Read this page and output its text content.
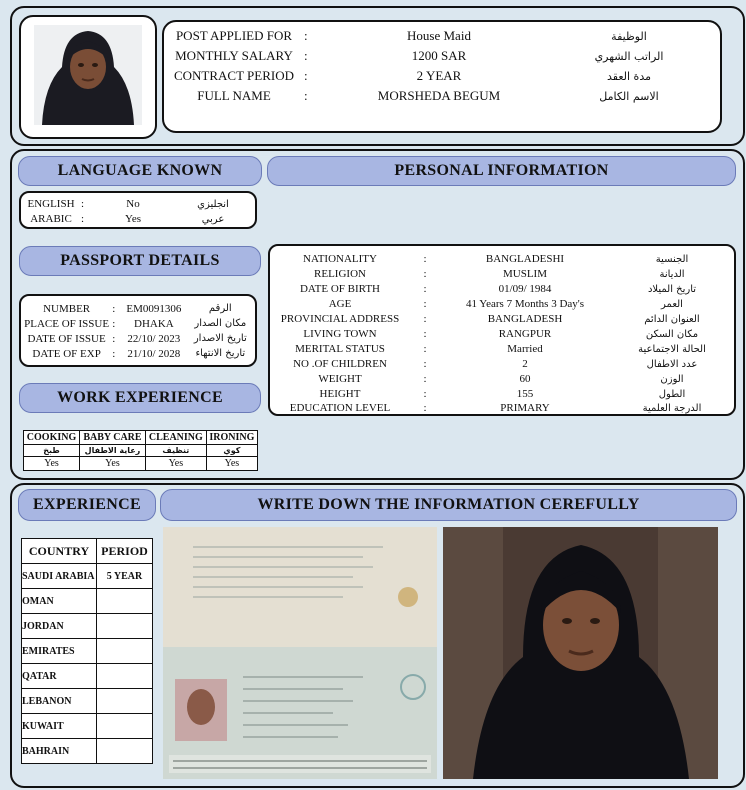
POST APPLIED FOR :	House Maid	الوظيفة
MONTHLY SALARY :	1200 SAR	الراتب الشهري
CONTRACT PERIOD :	2 YEAR	مدة العقد
FULL NAME	:	MORSHEDA BEGUM	الاسم الكامل
LANGUAGE KNOWN	PERSONAL INFORMATION
ENGLISH :	No	انجليزي
ARABIC :	Yes	عربي
PASSPORT DETAILS
NUMBER	:	EM0091306	الرقم
PLACE OF ISSUE :	DHAKA	مكان الصدار
DATE OF ISSUE :	22/10/ 2023	تاريخ الاصدار
DATE OF EXP	:	21/10/ 2028	تاريخ الانتهاء
WORK EXPERIENCE
COOKING	BABY CARE	CLEANING	IRONING
طبخ	رعاية الاطفال	تنظيف	كوي
Yes	Yes	Yes	Yes
NATIONALITY	:	BANGLADESHI	الجنسية
RELIGION	:	MUSLIM	الديانة
DATE OF BIRTH	:	01/09/ 1984	تاريخ الميلاد
AGE	:	41 Years 7 Months 3 Day's	العمر
PROVINCIAL ADDRESS	:	BANGLADESH	العنوان الدائم
LIVING TOWN	:	RANGPUR	مكان السكن
MERITAL STATUS	:	Married	الحالة الاجتماعية
NO .OF CHILDREN	:	2	عدد الاطفال
WEIGHT	:	60	الوزن
HEIGHT	:	155	الطول
EDUCATION LEVEL	:	PRIMARY	الدرجة العلمية
EXPERIENCE	WRITE DOWN THE INFORMATION CEREFULLY
COUNTRY	PERIOD
SAUDI ARABIA	5 YEAR
OMAN	
JORDAN	
EMIRATES	
QATAR	
LEBANON	
KUWAIT	
BAHRAIN	
